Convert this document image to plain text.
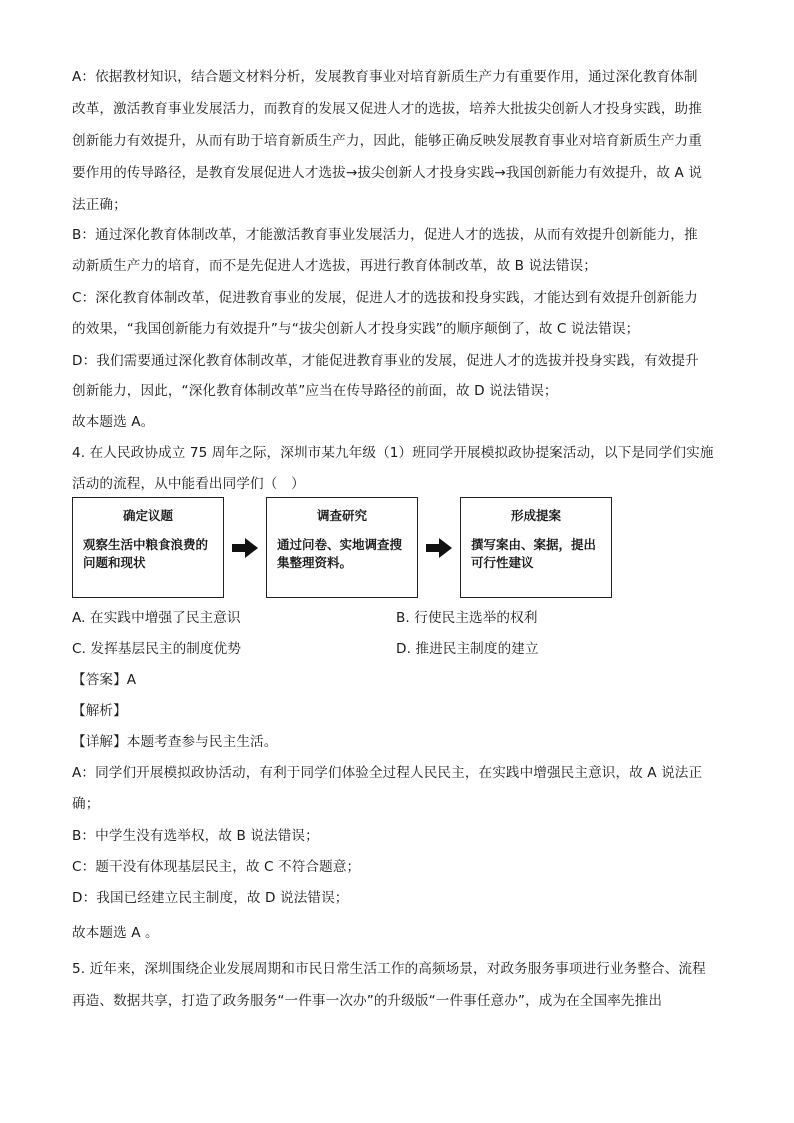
A：依据教材知识，结合题文材料分析，发展教育事业对培育新质生产力有重要作用，通过深化教育体制
改革，激活教育事业发展活力，而教育的发展又促进人才的选拔，培养大批拔尖创新人才投身实践，助推
创新能力有效提升，从而有助于培育新质生产力，因此，能够正确反映发展教育事业对培育新质生产力重
要作用的传导路径，是教育发展促进人才选拔→拔尖创新人才投身实践→我国创新能力有效提升，故 A 说
法正确；
B：通过深化教育体制改革，才能激活教育事业发展活力，促进人才的选拔，从而有效提升创新能力，推
动新质生产力的培育，而不是先促进人才选拔，再进行教育体制改革，故 B 说法错误；
C：深化教育体制改革，促进教育事业的发展，促进人才的选拔和投身实践，才能达到有效提升创新能力
的效果，“我国创新能力有效提升”与“拔尖创新人才投身实践”的顺序颠倒了，故 C 说法错误；
D：我们需要通过深化教育体制改革，才能促进教育事业的发展，促进人才的选拔并投身实践，有效提升
创新能力，因此，“深化教育体制改革”应当在传导路径的前面，故 D 说法错误；
故本题选 A。
4. 在人民政协成立 75 周年之际，深圳市某九年级（1）班同学开展模拟政协提案活动，以下是同学们实施
活动的流程，从中能看出同学们（　）
确定议题
观察生活中粮食浪费的问题和现状
调查研究
通过问卷、实地调查搜集整理资料。
形成提案
撰写案由、案据，提出可行性建议
A. 在实践中增强了民主意识	B. 行使民主选举的权利
C. 发挥基层民主的制度优势	D. 推进民主制度的建立
【答案】A
【解析】
【详解】本题考查参与民主生活。
A：同学们开展模拟政协活动，有利于同学们体验全过程人民民主，在实践中增强民主意识，故 A 说法正
确；
B：中学生没有选举权，故 B 说法错误；
C：题干没有体现基层民主，故 C 不符合题意；
D：我国已经建立民主制度，故 D 说法错误；
故本题选 A 。
5. 近年来，深圳围绕企业发展周期和市民日常生活工作的高频场景，对政务服务事项进行业务整合、流程
再造、数据共享，打造了政务服务“一件事一次办”的升级版“一件事任意办”，成为在全国率先推出
